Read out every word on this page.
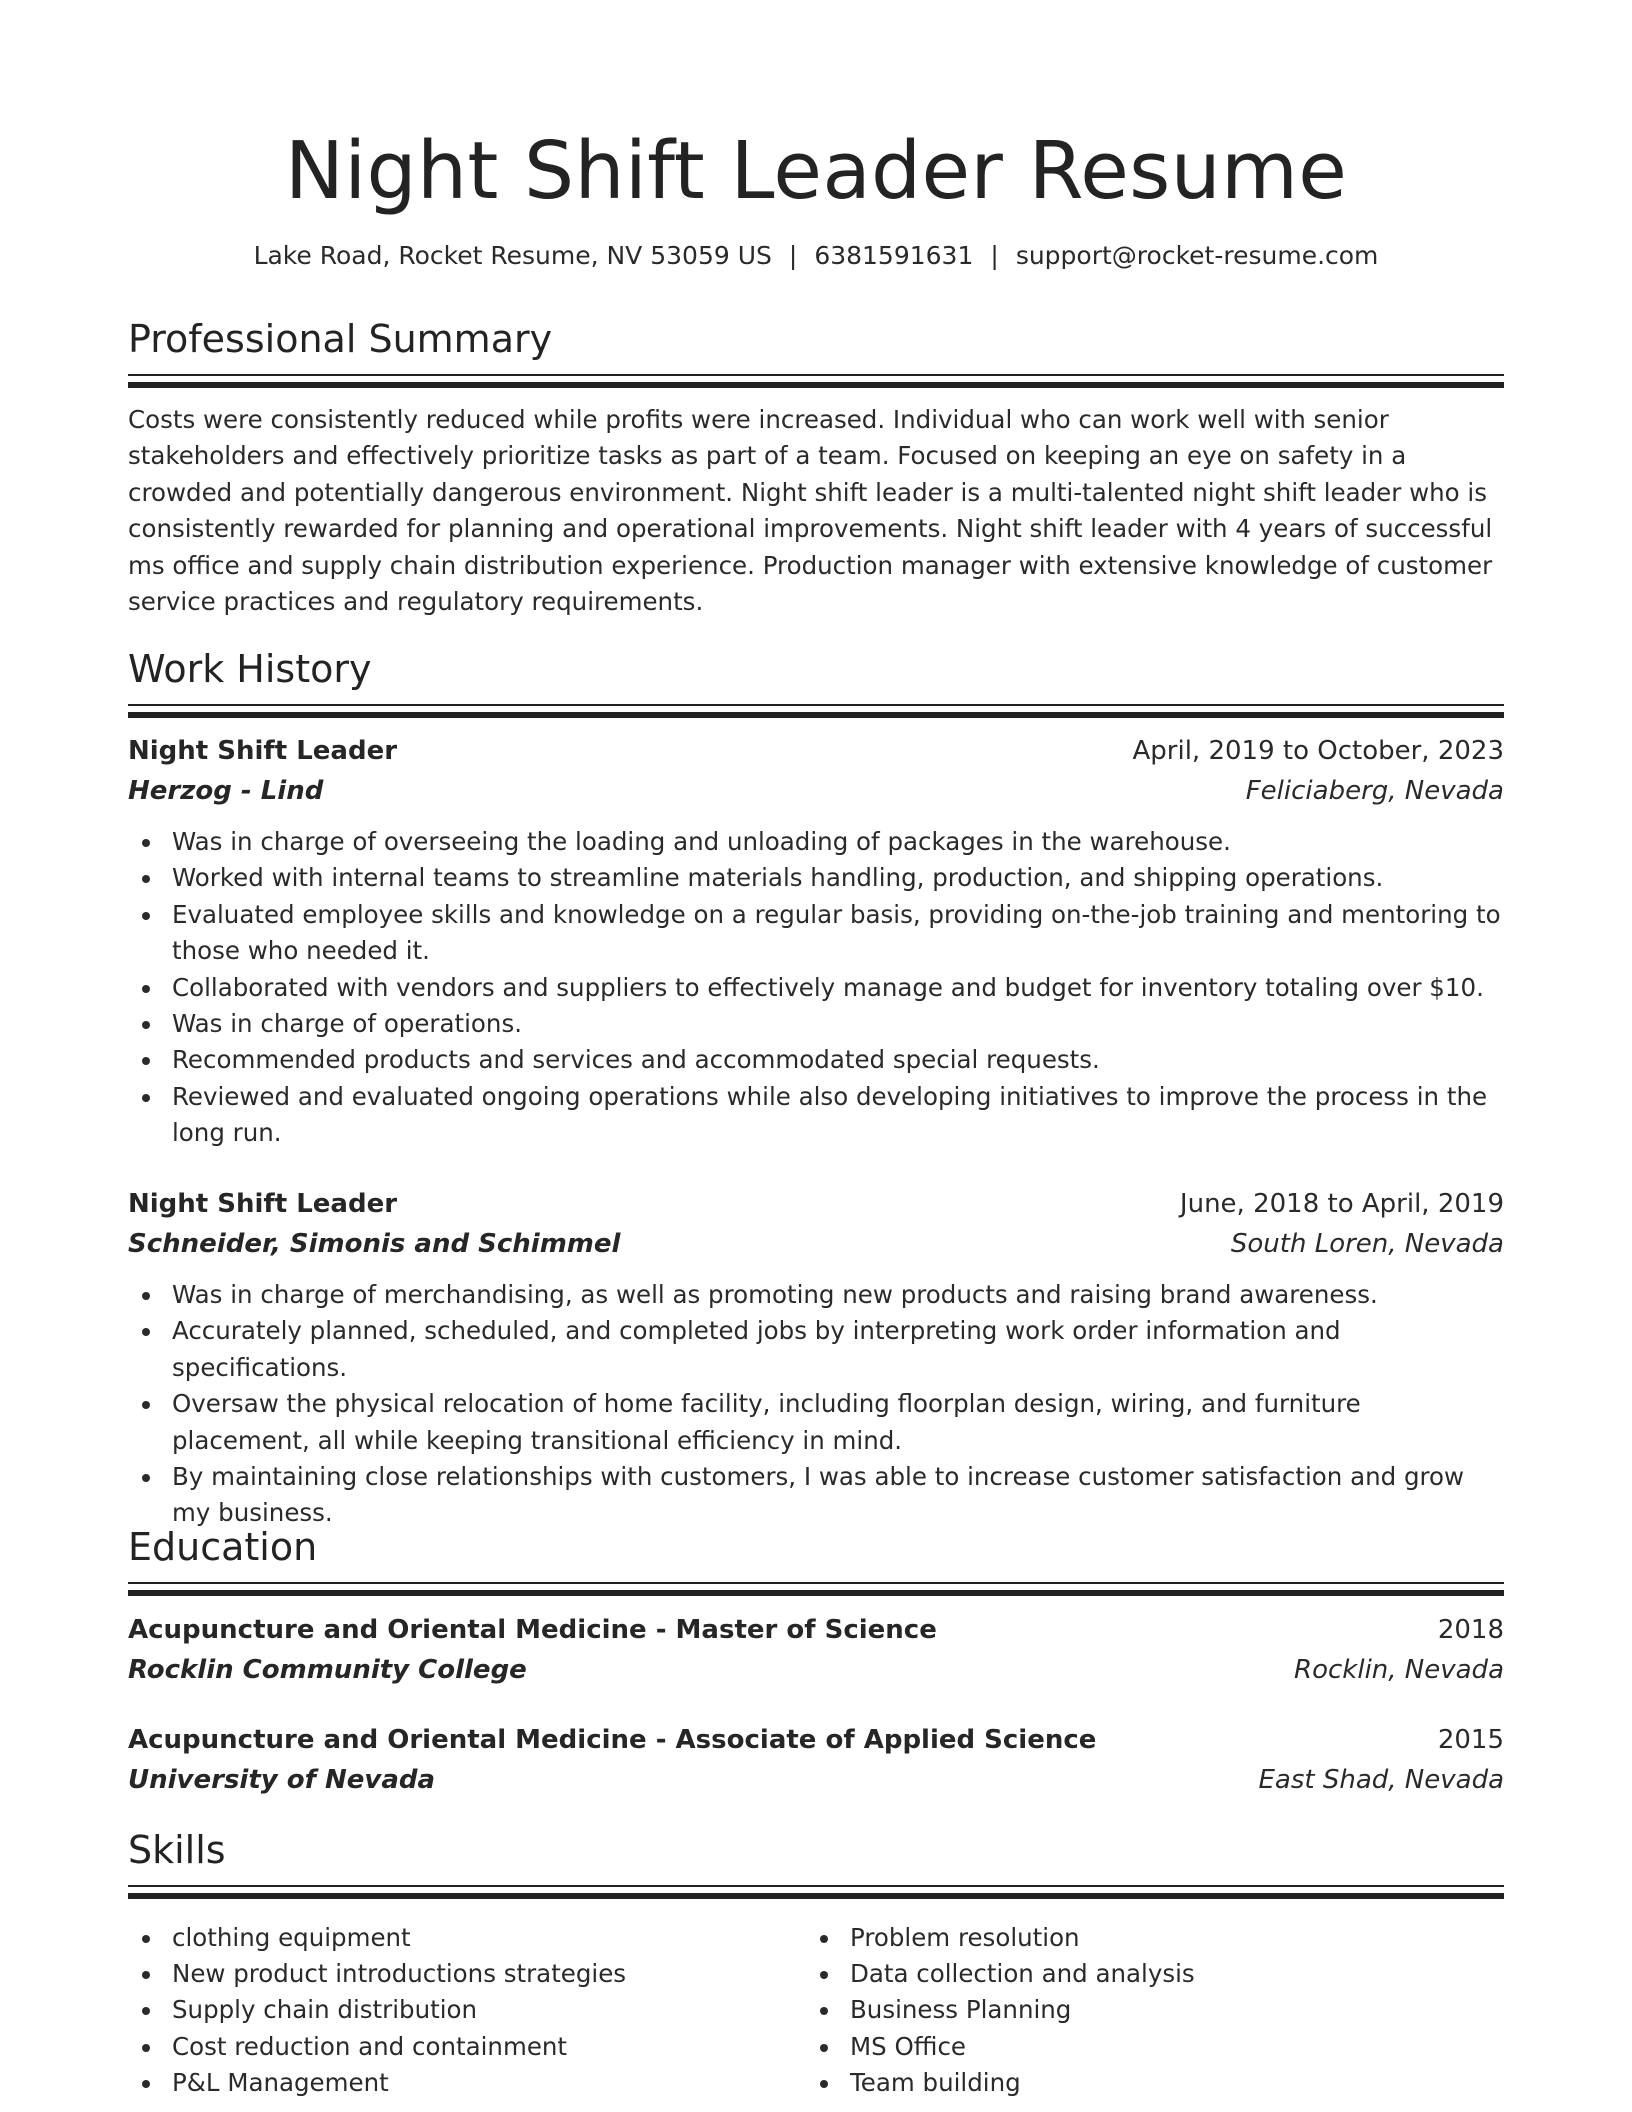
Night Shift Leader Resume
Lake Road, Rocket Resume, NV 53059 US | 6381591631 | support@rocket-resume.com
Professional Summary
Costs were consistently reduced while profits were increased. Individual who can work well with senior stakeholders and effectively prioritize tasks as part of a team. Focused on keeping an eye on safety in a crowded and potentially dangerous environment. Night shift leader is a multi-talented night shift leader who is consistently rewarded for planning and operational improvements. Night shift leader with 4 years of successful ms office and supply chain distribution experience. Production manager with extensive knowledge of customer service practices and regulatory requirements.
Work History
Night Shift Leader	April, 2019 to October, 2023
Herzog - Lind	Feliciaberg, Nevada
Was in charge of overseeing the loading and unloading of packages in the warehouse.
Worked with internal teams to streamline materials handling, production, and shipping operations.
Evaluated employee skills and knowledge on a regular basis, providing on-the-job training and mentoring to those who needed it.
Collaborated with vendors and suppliers to effectively manage and budget for inventory totaling over $10.
Was in charge of operations.
Recommended products and services and accommodated special requests.
Reviewed and evaluated ongoing operations while also developing initiatives to improve the process in the long run.
Night Shift Leader	June, 2018 to April, 2019
Schneider, Simonis and Schimmel	South Loren, Nevada
Was in charge of merchandising, as well as promoting new products and raising brand awareness.
Accurately planned, scheduled, and completed jobs by interpreting work order information and specifications.
Oversaw the physical relocation of home facility, including floorplan design, wiring, and furniture placement, all while keeping transitional efficiency in mind.
By maintaining close relationships with customers, I was able to increase customer satisfaction and grow my business.
Education
Acupuncture and Oriental Medicine - Master of Science	2018
Rocklin Community College	Rocklin, Nevada
Acupuncture and Oriental Medicine - Associate of Applied Science	2015
University of Nevada	East Shad, Nevada
Skills
clothing equipment
New product introductions strategies
Supply chain distribution
Cost reduction and containment
P&L Management
Problem resolution
Data collection and analysis
Business Planning
MS Office
Team building
